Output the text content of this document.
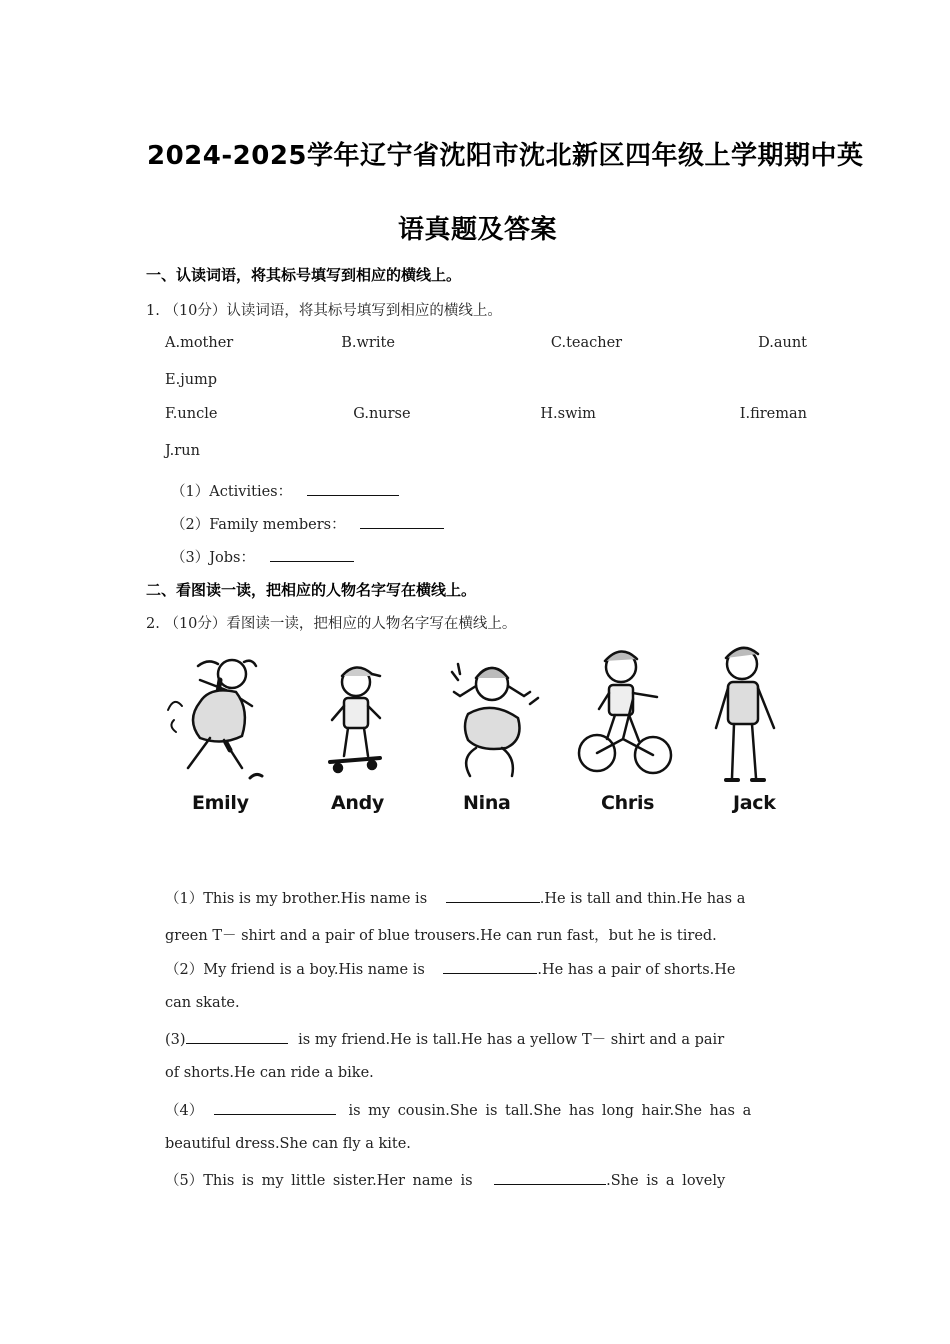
2024-2025学年辽宁省沈阳市沈北新区四年级上学期期中英
语真题及答案
一、认读词语，将其标号填写到相应的横线上。
1. （10分）认读词语，将其标号填写到相应的横线上。
A.mother	B.write	C.teacher	D.aunt
E.jump
F.uncle	G.nurse	H.swim	I.fireman
J.run
（1）Activities：
（2）Family members：
（3）Jobs：
二、看图读一读，把相应的人物名字写在横线上。
2. （10分）看图读一读，把相应的人物名字写在横线上。
Emily	Andy	Nina	Chris	Jack
（1）This is my brother.His name is	.He is tall and thin.He has a
green T－ shirt and a pair of blue trousers.He can run fast，but he is tired.
（2）My friend is a boy.His name is	.He has a pair of shorts.He
can skate.
(3)	is my friend.He is tall.He has a yellow T－ shirt and a pair
of shorts.He can ride a bike.
（4）	is my cousin.She is tall.She has long hair.She has a
beautiful dress.She can fly a kite.
（5）This is my little sister.Her name is	.She is a lovely
